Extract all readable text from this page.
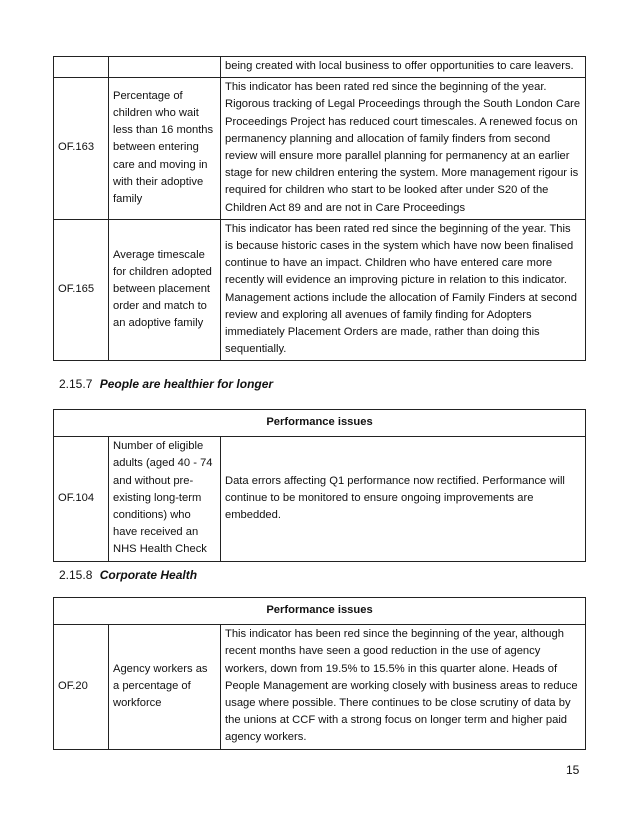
		being created with local business to offer opportunities to care leavers.
OF.163	Percentage of children who wait less than 16 months between entering care and moving in with their adoptive family	This indicator has been rated red since the beginning of the year. Rigorous tracking of Legal Proceedings through the South London Care Proceedings Project has reduced court timescales. A renewed focus on permanency planning and allocation of family finders from second review will ensure more parallel planning for permanency at an earlier stage for new children entering the system. More management rigour is required for children who start to be looked after under S20 of the Children Act 89 and are not in Care Proceedings
OF.165	Average timescale for children adopted between placement order and match to an adoptive family	This indicator has been rated red since the beginning of the year. This is because historic cases in the system which have now been finalised continue to have an impact. Children who have entered care more recently will evidence an improving picture in relation to this indicator. Management actions include the allocation of Family Finders at second review and exploring all avenues of family finding for Adopters immediately Placement Orders are made, rather than doing this sequentially.
2.15.7 People are healthier for longer
Performance issues
OF.104	Number of eligible adults (aged 40 - 74 and without pre-existing long-term conditions) who have received an NHS Health Check	Data errors affecting Q1 performance now rectified. Performance will continue to be monitored to ensure ongoing improvements are embedded.
2.15.8 Corporate Health
Performance issues
OF.20	Agency workers as a percentage of workforce	This indicator has been red since the beginning of the year, although recent months have seen a good reduction in the use of agency workers, down from 19.5% to 15.5% in this quarter alone. Heads of People Management are working closely with business areas to reduce usage where possible. There continues to be close scrutiny of data by the unions at CCF with a strong focus on longer term and higher paid agency workers.
15
